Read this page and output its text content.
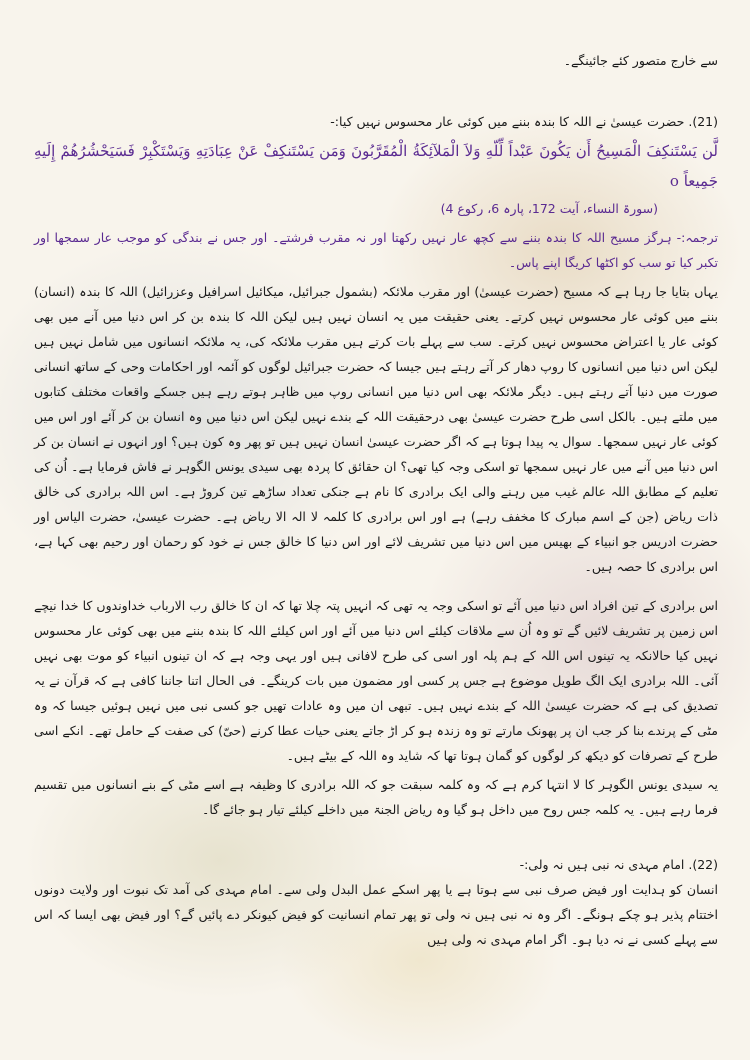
سے خارج متصور کئے جائینگے۔

(21). حضرت عیسیٰ نے اللہ کا بندہ بننے میں کوئی عار محسوس نہیں کیا:-

لَّن يَسْتَنكِفَ الْمَسِيحُ أَن يَكُونَ عَبْداً لِّلّهِ وَلاَ الْمَلآئِكَةُ الْمُقَرَّبُونَ وَمَن يَسْتَنكِفْ عَنْ عِبَادَتِهِ وَيَسْتَكْبِرْ فَسَيَحْشُرُهُمْ إِلَيهِ جَمِيعاً o

(سورۃ النساء، آیت 172، پارہ 6، رکوع 4)

ترجمہ:- ہرگز مسیح اللہ کا بندہ بننے سے کچھ عار نہیں رکھتا اور نہ مقرب فرشتے۔ اور جس نے بندگی کو موجب عار سمجھا اور تکبر کیا تو سب کو اکٹھا کریگا اپنے پاس۔

یہاں بتایا جا رہا ہے کہ مسیح (حضرت عیسیٰ) اور مقرب ملائکہ (بشمول جبرائیل، میکائیل اسرافیل وعزرائیل) اللہ کا بندہ (انسان) بننے میں کوئی عار محسوس نہیں کرتے۔ یعنی حقیقت میں یہ انسان نہیں ہیں لیکن اللہ کا بندہ بن کر اس دنیا میں آنے میں بھی کوئی عار یا اعتراض محسوس نہیں کرتے۔ سب سے پہلے بات کرتے ہیں مقرب ملائکہ کی، یہ ملائکہ انسانوں میں شامل نہیں ہیں لیکن اس دنیا میں انسانوں کا روپ دھار کر آتے رہتے ہیں جیسا کہ حضرت جبرائیل لوگوں کو آئمہ اور احکامات وحی کے ساتھ انسانی صورت میں دنیا آتے رہتے ہیں۔ دیگر ملائکہ بھی اس دنیا میں انسانی روپ میں ظاہر ہوتے رہے ہیں جسکے واقعات مختلف کتابوں میں ملتے ہیں۔ بالکل اسی طرح حضرت عیسیٰ بھی درحقیقت اللہ کے بندے نہیں لیکن اس دنیا میں وہ انسان بن کر آئے اور اس میں کوئی عار نہیں سمجھا۔ سوال یہ پیدا ہوتا ہے کہ اگر حضرت عیسیٰ انسان نہیں ہیں تو پھر وہ کون ہیں؟ اور انہوں نے انسان بن کر اس دنیا میں آنے میں عار نہیں سمجھا تو اسکی وجہ کیا تھی؟ ان حقائق کا پردہ بھی سیدی یونس الگوہر نے فاش فرمایا ہے۔ اُن کی تعلیم کے مطابق اللہ عالم غیب میں رہنے والی ایک برادری کا نام ہے جنکی تعداد ساڑھے تین کروڑ ہے۔ اس اللہ برادری کی خالق ذات ریاض (جن کے اسم مبارک کا مخفف رہے) ہے اور اس برادری کا کلمہ لا الہ الا ریاض ہے۔ حضرت عیسیٰ، حضرت الیاس اور حضرت ادریس جو انبیاء کے بھیس میں اس دنیا میں تشریف لائے اور اس دنیا کا خالق جس نے خود کو رحمان اور رحیم بھی کہا ہے، اس برادری کا حصہ ہیں۔

اس برادری کے تین افراد اس دنیا میں آئے تو اسکی وجہ یہ تھی کہ انہیں پتہ چلا تھا کہ ان کا خالق رب الارباب خداوندوں کا خدا نیچے اس زمین پر تشریف لائیں گے تو وہ اُن سے ملاقات کیلئے اس دنیا میں آئے اور اس کیلئے اللہ کا بندہ بننے میں بھی کوئی عار محسوس نہیں کیا حالانکہ یہ تینوں اس اللہ کے ہم پلہ اور اسی کی طرح لافانی ہیں اور یہی وجہ ہے کہ ان تینوں انبیاء کو موت بھی نہیں آئی۔ اللہ برادری ایک الگ طویل موضوع ہے جس پر کسی اور مضمون میں بات کرینگے۔ فی الحال اتنا جاننا کافی ہے کہ قرآن نے یہ تصدیق کی ہے کہ حضرت عیسیٰ اللہ کے بندے نہیں ہیں۔ تبھی ان میں وہ عادات تھیں جو کسی نبی میں نہیں ہوئیں جیسا کہ وہ مٹی کے پرندے بنا کر جب ان پر پھونک مارتے تو وہ زندہ ہو کر اڑ جاتے یعنی حیات عطا کرنے (حیّ) کی صفت کے حامل تھے۔ انکے اسی طرح کے تصرفات کو دیکھ کر لوگوں کو گمان ہوتا تھا کہ شاید وہ اللہ کے بیٹے ہیں۔

یہ سیدی یونس الگوہر کا لا انتہا کرم ہے کہ وہ کلمہ سبقت جو کہ اللہ برادری کا وظیفہ ہے اسے مٹی کے بنے انسانوں میں تقسیم فرما رہے ہیں۔ یہ کلمہ جس روح میں داخل ہو گیا وہ ریاض الجنۃ میں داخلے کیلئے تیار ہو جائے گا۔

(22). امام مہدی نہ نبی ہیں نہ ولی:-

انسان کو ہدایت اور فیض صرف نبی سے ہوتا ہے یا پھر اسکے عمل البدل ولی سے۔ امام مہدی کی آمد تک نبوت اور ولایت دونوں اختتام پذیر ہو چکے ہونگے۔ اگر وہ نہ نبی ہیں نہ ولی تو پھر تمام انسانیت کو فیض کیونکر دے پائیں گے؟ اور فیض بھی ایسا کہ اس سے پہلے کسی نے نہ دیا ہو۔ اگر امام مہدی نہ ولی ہیں
